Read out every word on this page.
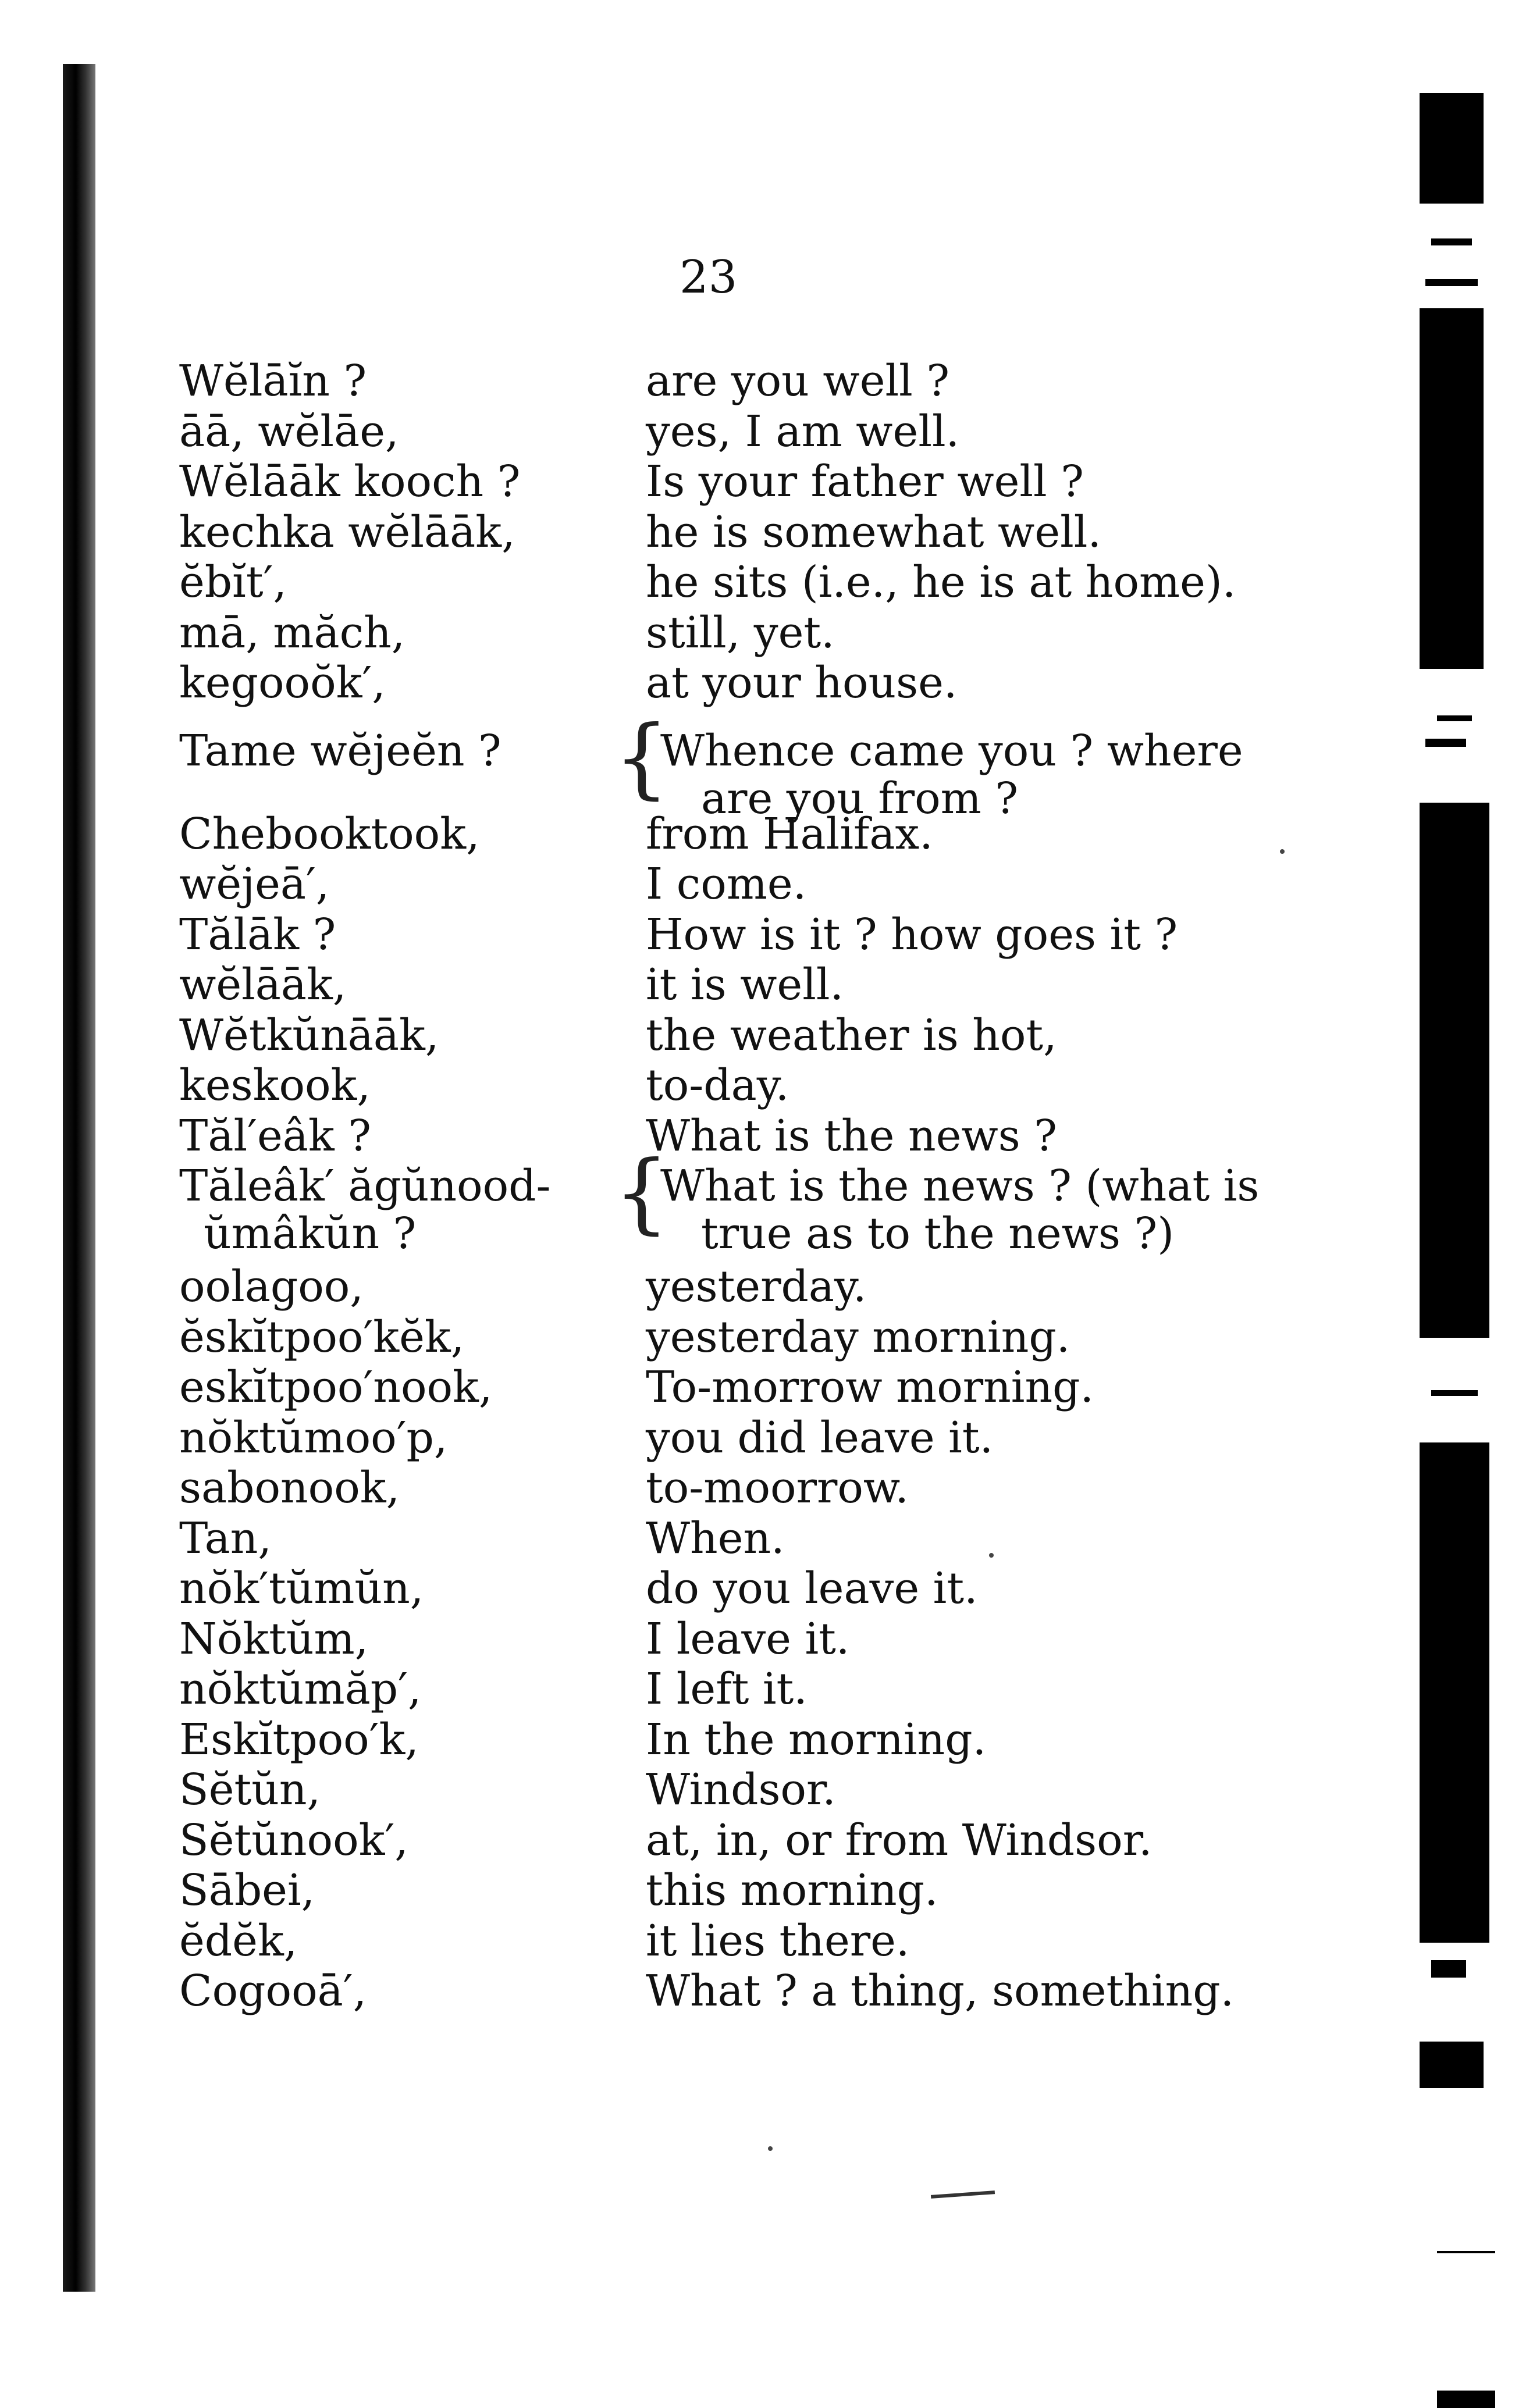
23
Wĕlāĭn ?	are you well ?
āā, wĕlāe,	yes, I am well.
Wĕlāāk kooch ?	Is your father well ?
kechka wĕlāāk,	he is somewhat well.
ĕbĭt′,	he sits (i.e., he is at home).
mā, măch,	still, yet.
kegooŏk′,	at your house.
Tame wĕjeĕn ?	Whence came you ? where
are you from ?
{
Chebooktook,	from Halifax.
wĕjeā′,	I come.
Tălāk ?	How is it ? how goes it ?
wĕlāāk,	it is well.
Wĕtkŭnāāk,	the weather is hot,
keskook,	to-day.
Tăl′eâk ?	What is the news ?
Tăleâk′ ăgŭnood-	What is the news ? (what is
ŭmâkŭn ?	true as to the news ?)
{
oolagoo,	yesterday.
ĕskĭtpoo′kĕk,	yesterday morning.
eskĭtpoo′nook,	To-morrow morning.
nŏktŭmoo′p,	you did leave it.
sabonook,	to-moorrow.
Tan,	When.
nŏk′tŭmŭn,	do you leave it.
Nŏktŭm,	I leave it.
nŏktŭmăp′,	I left it.
Eskĭtpoo′k,	In the morning.
Sĕtŭn,	Windsor.
Sĕtŭnook′,	at, in, or from Windsor.
Sābei,	this morning.
ĕdĕk,	it lies there.
Cogooā′,	What ? a thing, something.
